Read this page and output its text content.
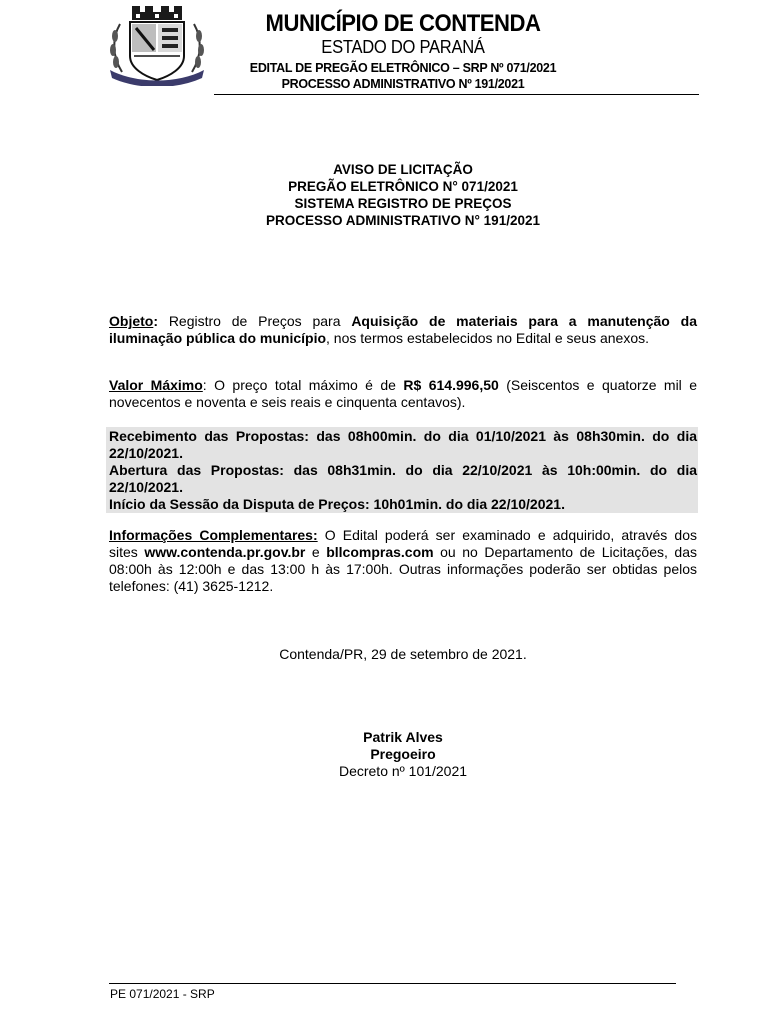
MUNICÍPIO DE CONTENDA
ESTADO DO PARANÁ
EDITAL DE PREGÃO ELETRÔNICO – SRP Nº 071/2021
PROCESSO ADMINISTRATIVO Nº 191/2021
AVISO DE LICITAÇÃO
PREGÃO ELETRÔNICO N° 071/2021
SISTEMA REGISTRO DE PREÇOS
PROCESSO ADMINISTRATIVO N° 191/2021

Objeto: Registro de Preços para Aquisição de materiais para a manutenção da iluminação pública do município, nos termos estabelecidos no Edital e seus anexos.

Valor Máximo: O preço total máximo é de R$ 614.996,50 (Seiscentos e quatorze mil e novecentos e noventa e seis reais e cinquenta centavos).

Recebimento das Propostas: das 08h00min. do dia 01/10/2021 às 08h30min. do dia 22/10/2021.

Abertura das Propostas: das 08h31min. do dia 22/10/2021 às 10h:00min. do dia 22/10/2021.

Início da Sessão da Disputa de Preços: 10h01min. do dia 22/10/2021.

Informações Complementares: O Edital poderá ser examinado e adquirido, através dos sites www.contenda.pr.gov.br e bllcompras.com ou no Departamento de Licitações, das 08:00h às 12:00h e das 13:00 h às 17:00h. Outras informações poderão ser obtidas pelos telefones: (41) 3625-1212.

Contenda/PR, 29 de setembro de 2021.

Patrik Alves

Pregoeiro

Decreto nº 101/2021

PE 071/2021 - SRP
